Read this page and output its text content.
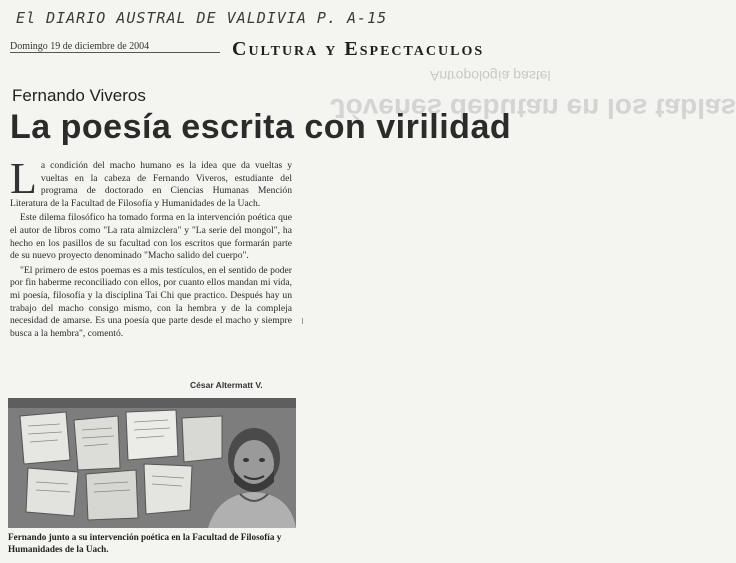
El DIARIO AUSTRAL DE VALDIVIA P. A-15
Domingo 19 de diciembre de 2004	Cultura y Espectaculos
Antropología pastel
Jóvenes debutan en los tablas
Fernando Viveros
La poesía escrita con virilidad

La condición del macho humano es la idea que da vueltas y vueltas en la cabeza de Fernando Viveros, estudiante del programa de doctorado en Ciencias Humanas Mención Literatura de la Facultad de Filosofía y Humanidades de la Uach.

Este dilema filosófico ha tomado forma en la intervención poética que el autor de libros como "La rata almizclera" y "La serie del mongol", ha hecho en los pasillos de su facultad con los escritos que formarán parte de su nuevo proyecto denominado "Macho salido del cuerpo".

"El primero de estos poemas es a mis testículos, en el sentido de poder por fin haberme reconciliado con ellos, por cuanto ellos mandan mi vida, mi poesía, filosofía y la disciplina Tai Chi que practico. Después hay un trabajo del macho consigo mismo, con la hembra y de la compleja necesidad de amarse. Es una poesía que parte desde el macho y siempre busca a la hembra", comentó.

César Altermatt V.
Fernando junto a su intervención poética en la Facultad de Filosofía y Humanidades de la Uach.
